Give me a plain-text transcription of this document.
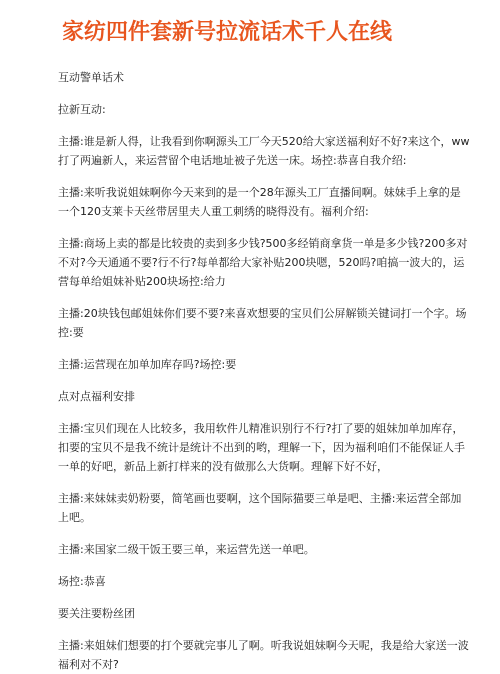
家纺四件套新号拉流话术千人在线

互动警单话术

拉新互动:

主播:谁是新人得，让我看到你啊源头工厂今天520给大家送福利好不好?来这个，ww打了两遍新人，来运营留个电话地址被子先送一床。场控:恭喜自我介绍:

主播:来听我说姐妹啊你今天来到的是一个28年源头工厂直播间啊。妹妹手上拿的是一个120支莱卡天丝带居里夫人重工刺绣的晓得没有。福利介绍:

主播:商场上卖的都是比较贵的卖到多少钱?500多经销商拿货一单是多少钱?200多对不对?今天通通不要?行不行?每单都给大家补贴200块嗯，520吗?咱搞一波大的，运营每单给姐妹补贴200块场控:给力

主播:20块钱包邮姐妹你们要不要?来喜欢想要的宝贝们公屏解锁关键词打一个字。场控:要

主播:运营现在加单加库存吗?场控:要

点对点福利安排

主播:宝贝们现在人比较多，我用软件儿精准识别行不行?打了要的姐妹加单加库存，扣要的宝贝不是我不统计是统计不出到的哟，理解一下，因为福利咱们不能保证人手一单的好吧，新品上新打样来的没有做那么大货啊。理解下好不好，

主播:来妹妹卖奶粉要，简笔画也要啊，这个国际猫要三单是吧、主播:来运营全部加上吧。

主播:来国家二级干饭王要三单，来运营先送一单吧。

场控:恭喜

要关注要粉丝团

主播:来姐妹们想要的打个要就完事儿了啊。听我说姐妹啊今天呢，我是给大家送一波福利对不对?
